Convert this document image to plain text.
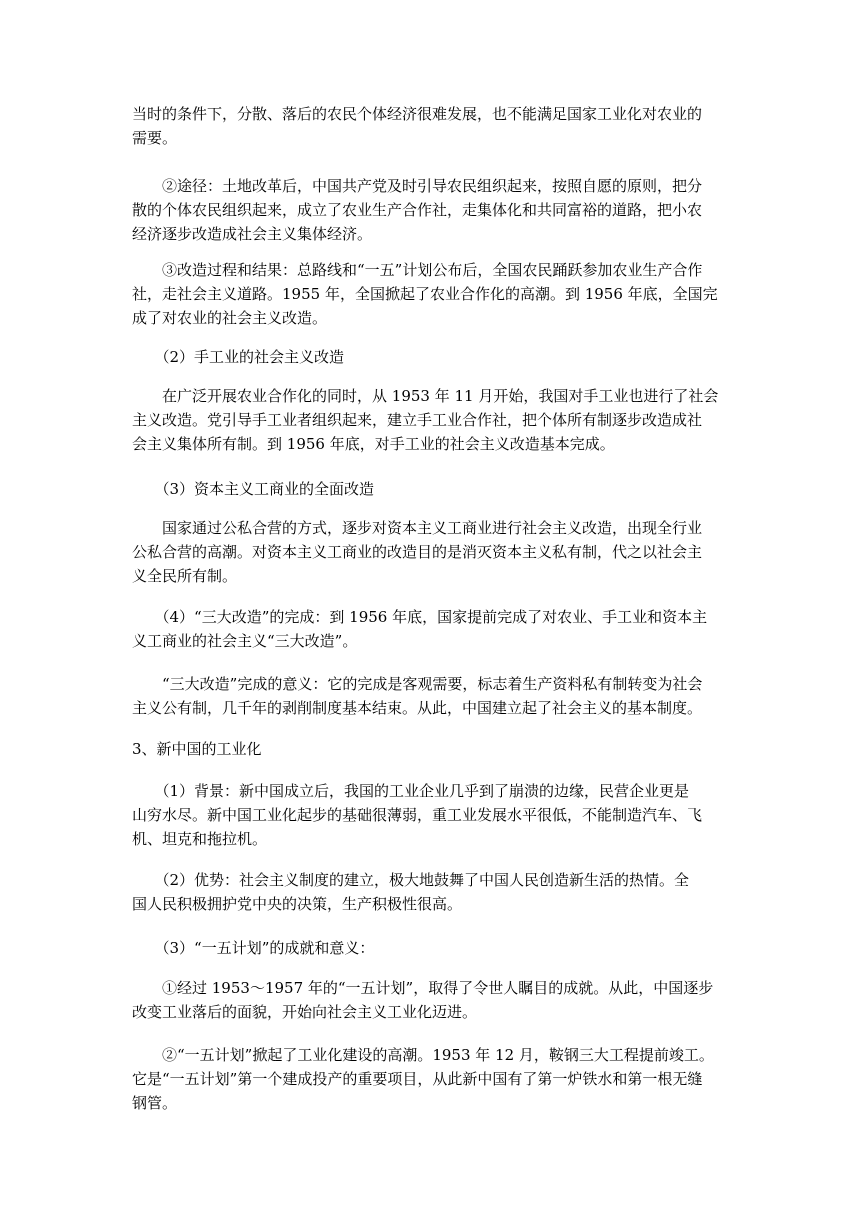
当时的条件下，分散、落后的农民个体经济很难发展，也不能满足国家工业化对农业的
需要。
　　②途径：土地改革后，中国共产党及时引导农民组织起来，按照自愿的原则，把分
散的个体农民组织起来，成立了农业生产合作社，走集体化和共同富裕的道路，把小农
经济逐步改造成社会主义集体经济。
　　③改造过程和结果：总路线和“一五”计划公布后，全国农民踊跃参加农业生产合作
社，走社会主义道路。1955 年，全国掀起了农业合作化的高潮。到 1956 年底，全国完
成了对农业的社会主义改造。
　　（2）手工业的社会主义改造
　　在广泛开展农业合作化的同时，从 1953 年 11 月开始，我国对手工业也进行了社会
主义改造。党引导手工业者组织起来，建立手工业合作社，把个体所有制逐步改造成社
会主义集体所有制。到 1956 年底，对手工业的社会主义改造基本完成。
　　（3）资本主义工商业的全面改造
　　国家通过公私合营的方式，逐步对资本主义工商业进行社会主义改造，出现全行业
公私合营的高潮。对资本主义工商业的改造目的是消灭资本主义私有制，代之以社会主
义全民所有制。
　　（4）“三大改造”的完成：到 1956 年底，国家提前完成了对农业、手工业和资本主
义工商业的社会主义“三大改造”。
　　“三大改造”完成的意义：它的完成是客观需要，标志着生产资料私有制转变为社会
主义公有制，几千年的剥削制度基本结束。从此，中国建立起了社会主义的基本制度。
3、新中国的工业化
　　（1）背景：新中国成立后，我国的工业企业几乎到了崩溃的边缘，民营企业更是
山穷水尽。新中国工业化起步的基础很薄弱，重工业发展水平很低，不能制造汽车、飞
机、坦克和拖拉机。
　　（2）优势：社会主义制度的建立，极大地鼓舞了中国人民创造新生活的热情。全
国人民积极拥护党中央的决策，生产积极性很高。
　　（3）“一五计划”的成就和意义：
　　①经过 1953～1957 年的“一五计划”，取得了令世人瞩目的成就。从此，中国逐步
改变工业落后的面貌，开始向社会主义工业化迈进。
　　②“一五计划”掀起了工业化建设的高潮。1953 年 12 月，鞍钢三大工程提前竣工。
它是“一五计划”第一个建成投产的重要项目，从此新中国有了第一炉铁水和第一根无缝
钢管。
